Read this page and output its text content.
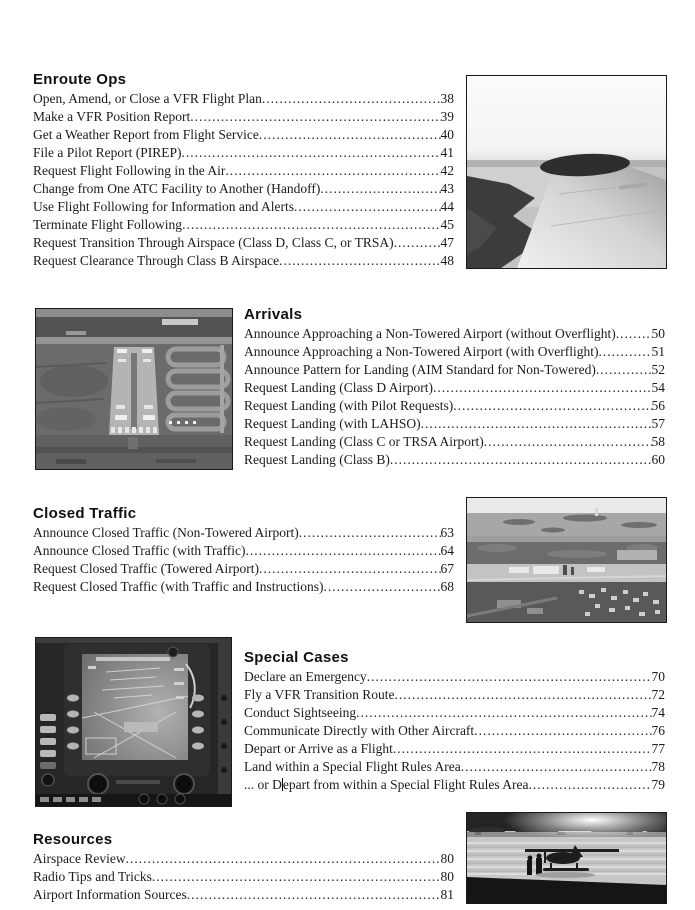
Enroute Ops
Open, Amend, or Close a VFR Flight Plan .....	38
Make a VFR Position Report .....	39
Get a Weather Report from Flight Service .....	40
File a Pilot Report (PIREP) .....	41
Request Flight Following in the Air .....	42
Change from One ATC Facility to Another (Handoff) .....	43
Use Flight Following for Information and Alerts .....	44
Terminate Flight Following .....	45
Request Transition Through Airspace (Class D, Class C, or TRSA) .....	47
Request Clearance Through Class B Airspace .....	48
Arrivals
Announce Approaching a Non-Towered Airport (without Overflight) .....	50
Announce Approaching a Non-Towered Airport (with Overflight) .....	51
Announce Pattern for Landing (AIM Standard for Non-Towered) .....	52
Request Landing (Class D Airport) .....	54
Request Landing (with Pilot Requests) .....	56
Request Landing (with LAHSO) .....	57
Request Landing (Class C or TRSA Airport) .....	58
Request Landing (Class B) .....	60
Closed Traffic
Announce Closed Traffic (Non-Towered Airport) .....	63
Announce Closed Traffic (with Traffic) .....	64
Request Closed Traffic (Towered Airport) .....	67
Request Closed Traffic (with Traffic and Instructions) .....	68
Special Cases
Declare an Emergency .....	70
Fly a VFR Transition Route .....	72
Conduct Sightseeing .....	74
Communicate Directly with Other Aircraft .....	76
Depart or Arrive as a Flight .....	77
Land within a Special Flight Rules Area .....	78
... or Depart from within a Special Flight Rules Area .....	79
Resources
Airspace Review .....	80
Radio Tips and Tricks .....	80
Airport Information Sources .....	81
